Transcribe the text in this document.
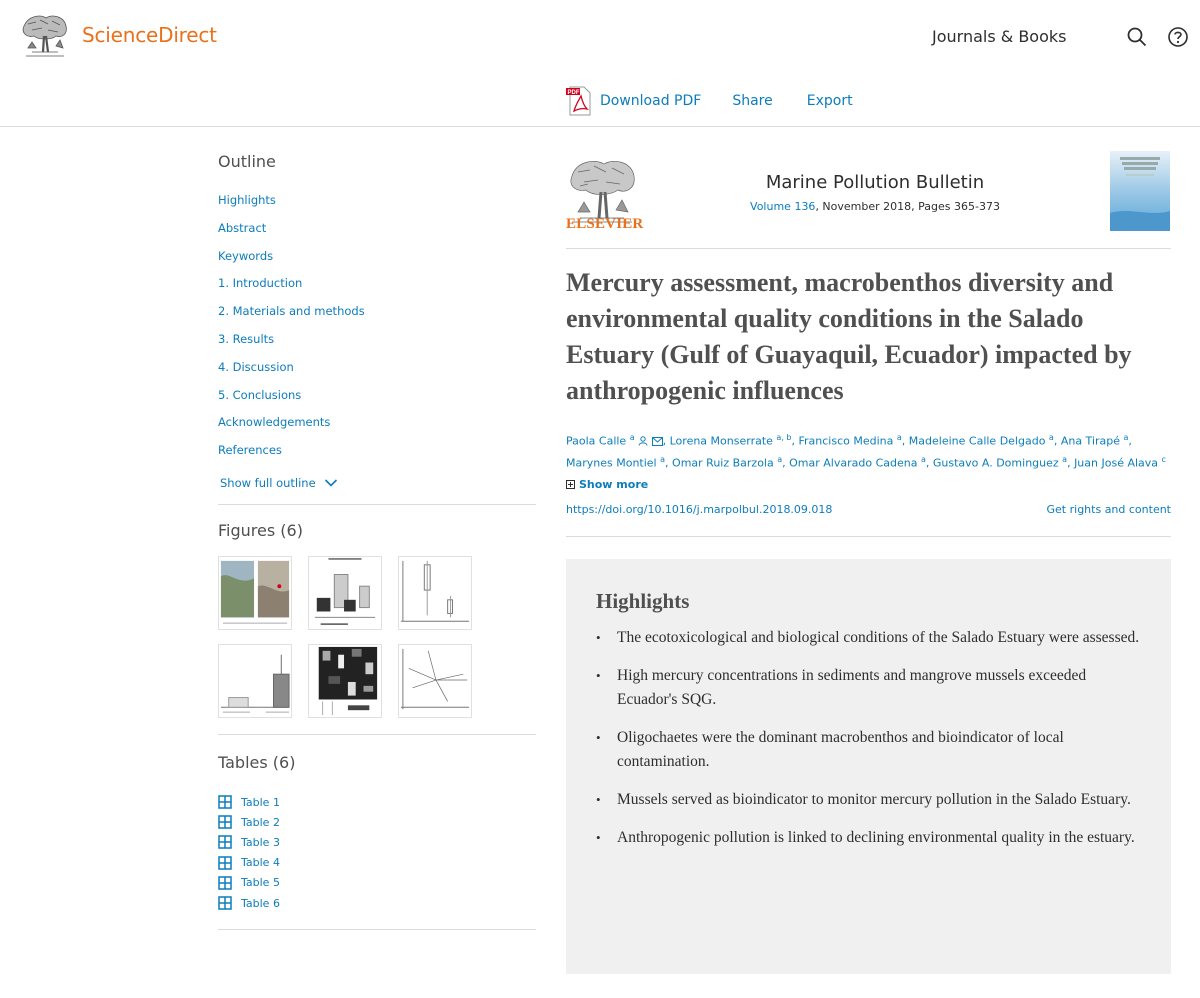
ScienceDirect	Journals & Books
PDF Download PDF Share Export
Outline
Highlights
Abstract
Keywords
1. Introduction
2. Materials and methods
3. Results
4. Discussion
5. Conclusions
Acknowledgements
References
Show full outline
Figures (6)
Tables (6)
Table 1
Table 2
Table 3
Table 4
Table 5
Table 6
ELSEVIER
Marine Pollution Bulletin
Volume 136, November 2018, Pages 365-373
Mercury assessment, macrobenthos diversity and environmental quality conditions in the Salado Estuary (Gulf of Guayaquil, Ecuador) impacted by anthropogenic influences
Paola Calle $^a$	, Lorena Monserrate $^{a, b}$, Francisco Medina $^a$, Madeleine Calle Delgado $^a$, Ana Tirapé $^a$, Marynes Montiel $^a$, Omar Ruiz Barzola $^a$, Omar Alvarado Cadena $^a$, Gustavo A. Dominguez $^a$, Juan José Alava $^c$
Show more
https://doi.org/10.1016/j.marpolbul.2018.09.018	Get rights and content
Highlights
• The ecotoxicological and biological conditions of the Salado Estuary were assessed.
• High mercury concentrations in sediments and mangrove mussels exceeded Ecuador's SQG.
• Oligochaetes were the dominant macrobenthos and bioindicator of local contamination.
• Mussels served as bioindicator to monitor mercury pollution in the Salado Estuary.
• Anthropogenic pollution is linked to declining environmental quality in the estuary.
